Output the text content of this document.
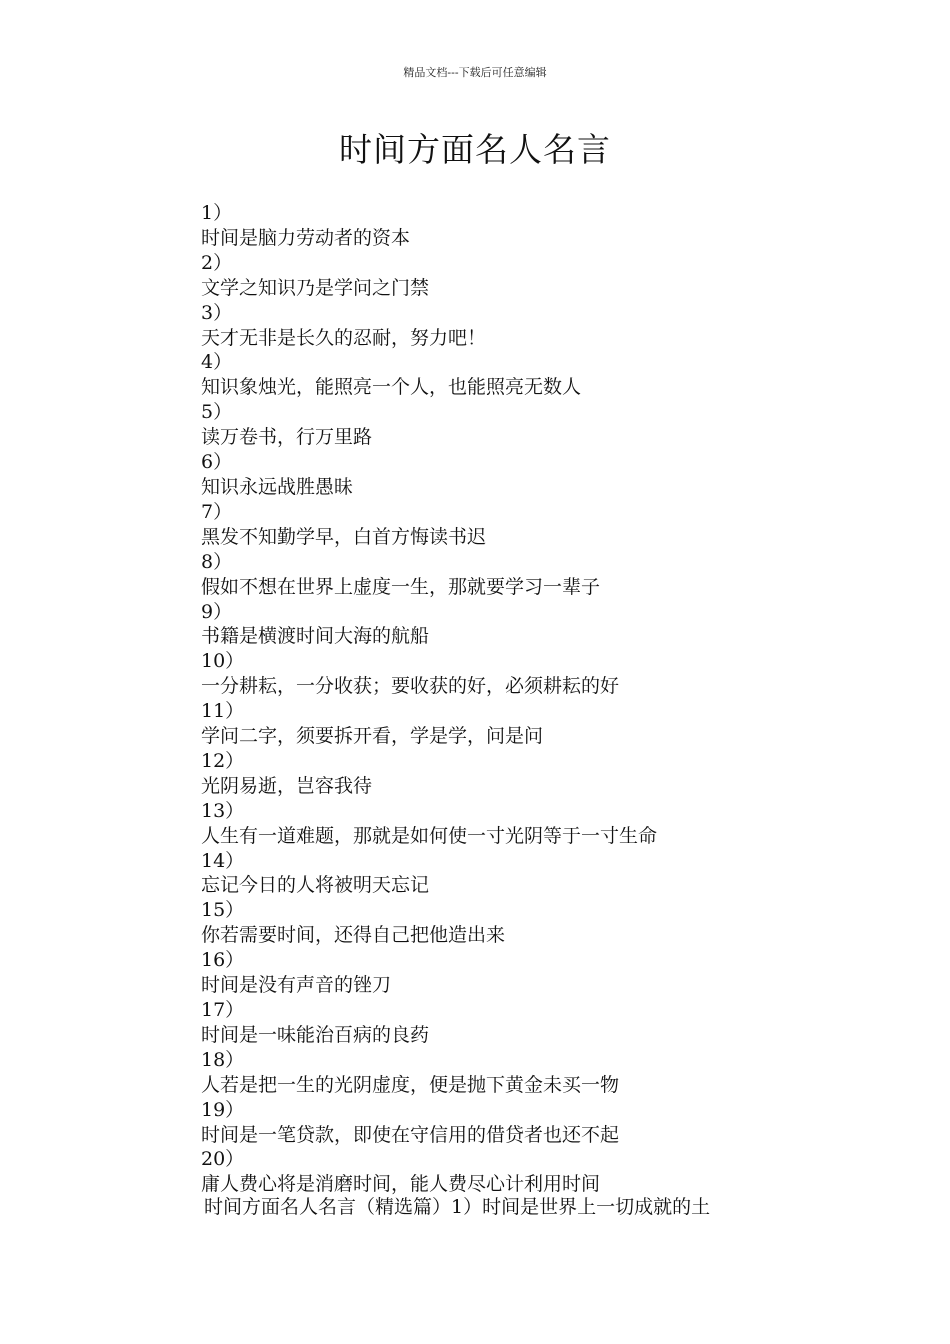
精品文档---下载后可任意编辑
时间方面名人名言
1）
时间是脑力劳动者的资本
2）
文学之知识乃是学问之门禁
3）
天才无非是长久的忍耐，努力吧！
4）
知识象烛光，能照亮一个人，也能照亮无数人
5）
读万卷书，行万里路
6）
知识永远战胜愚昧
7）
黑发不知勤学早，白首方悔读书迟
8）
假如不想在世界上虚度一生，那就要学习一辈子
9）
书籍是横渡时间大海的航船
10）
一分耕耘，一分收获；要收获的好，必须耕耘的好
11）
学问二字，须要拆开看，学是学，问是问
12）
光阴易逝，岂容我待
13）
人生有一道难题，那就是如何使一寸光阴等于一寸生命
14）
忘记今日的人将被明天忘记
15）
你若需要时间，还得自己把他造出来
16）
时间是没有声音的锉刀
17）
时间是一味能治百病的良药
18）
人若是把一生的光阴虚度，便是抛下黄金未买一物
19）
时间是一笔贷款，即使在守信用的借贷者也还不起
20）
庸人费心将是消磨时间，能人费尽心计利用时间
时间方面名人名言（精选篇）1）时间是世界上一切成就的土
